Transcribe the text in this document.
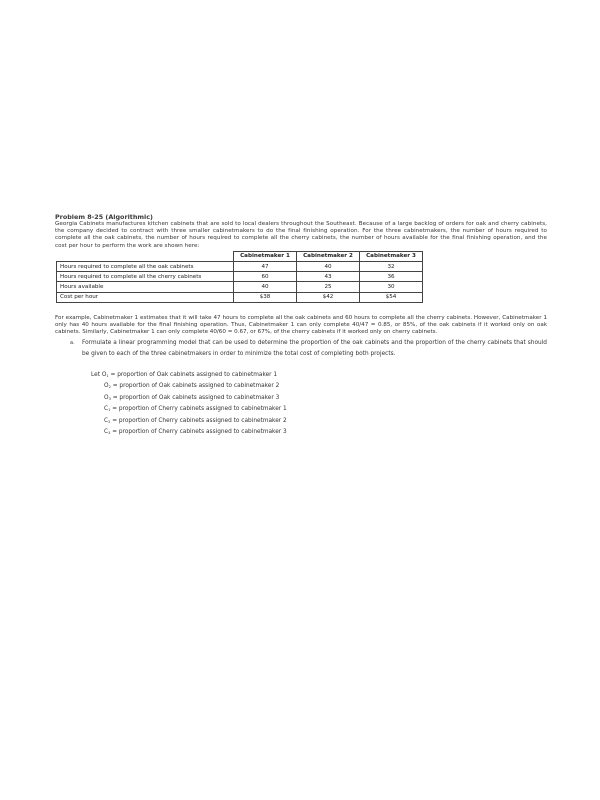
Problem 8-25 (Algorithmic)

Georgia Cabinets manufactures kitchen cabinets that are sold to local dealers throughout the Southeast. Because of a large backlog of orders for oak and cherry cabinets, the company decided to contract with three smaller cabinetmakers to do the final finishing operation. For the three cabinetmakers, the number of hours required to complete all the oak cabinets, the number of hours required to complete all the cherry cabinets, the number of hours available for the final finishing operation, and the cost per hour to perform the work are shown here:

	Cabinetmaker 1	Cabinetmaker 2	Cabinetmaker 3
Hours required to complete all the oak cabinets	47	40	32
Hours required to complete all the cherry cabinets	60	43	36
Hours available	40	25	30
Cost per hour	$38	$42	$54

For example, Cabinetmaker 1 estimates that it will take 47 hours to complete all the oak cabinets and 60 hours to complete all the cherry cabinets. However, Cabinetmaker 1 only has 40 hours available for the final finishing operation. Thus, Cabinetmaker 1 can only complete 40/47 = 0.85, or 85%, of the oak cabinets if it worked only on oak cabinets. Similarly, Cabinetmaker 1 can only complete 40/60 = 0.67, or 67%, of the cherry cabinets if it worked only on cherry cabinets.

a.	Formulate a linear programming model that can be used to determine the proportion of the oak cabinets and the proportion of the cherry cabinets that should be given to each of the three cabinetmakers in order to minimize the total cost of completing both projects.
Let $O_1$ = proportion of Oak cabinets assigned to cabinetmaker 1
$O_2$ = proportion of Oak cabinets assigned to cabinetmaker 2
$O_3$ = proportion of Oak cabinets assigned to cabinetmaker 3
$C_1$ = proportion of Cherry cabinets assigned to cabinetmaker 1
$C_2$ = proportion of Cherry cabinets assigned to cabinetmaker 2
$C_3$ = proportion of Cherry cabinets assigned to cabinetmaker 3
